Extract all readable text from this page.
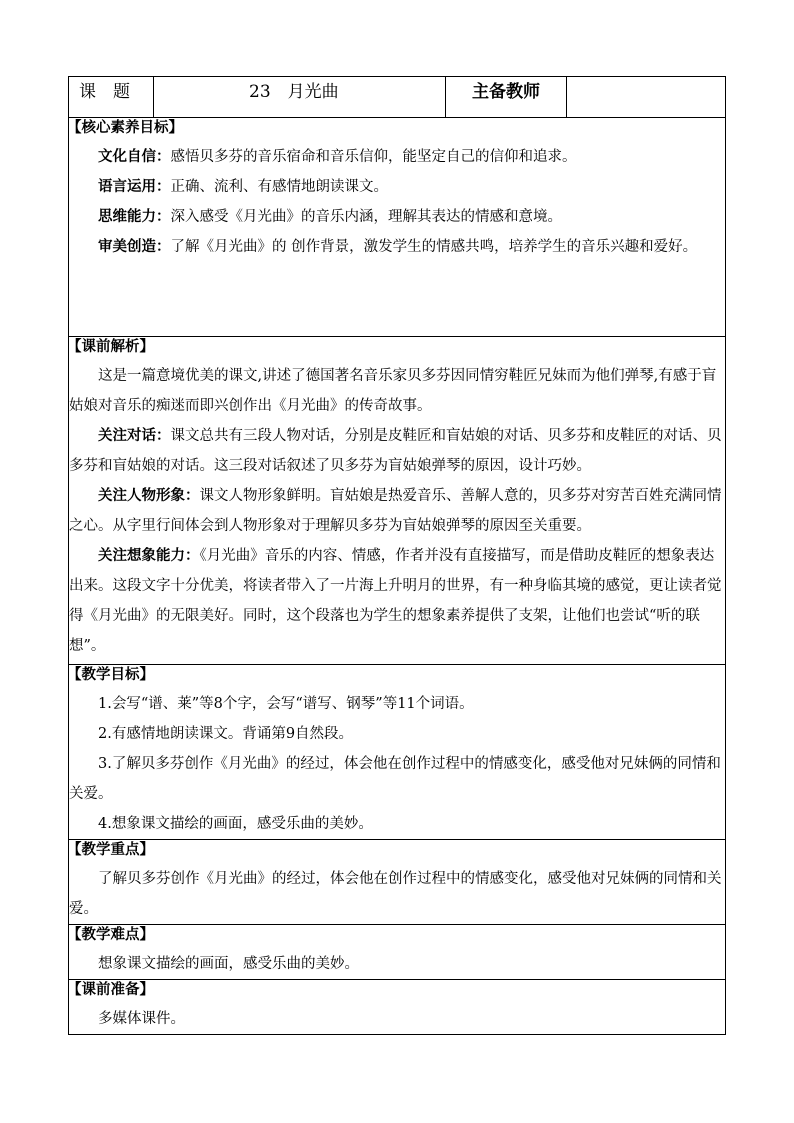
课　题	23　月光曲	主备教师	

【核心素养目标】

文化自信：感悟贝多芬的音乐宿命和音乐信仰，能坚定自己的信仰和追求。

语言运用：正确、流利、有感情地朗读课文。

思维能力：深入感受《月光曲》的音乐内涵，理解其表达的情感和意境。

审美创造：了解《月光曲》的 创作背景，激发学生的情感共鸣，培养学生的音乐兴趣和爱好。

【课前解析】

这是一篇意境优美的课文,讲述了德国著名音乐家贝多芬因同情穷鞋匠兄妹而为他们弹琴,有感于盲姑娘对音乐的痴迷而即兴创作出《月光曲》的传奇故事。

关注对话：课文总共有三段人物对话，分别是皮鞋匠和盲姑娘的对话、贝多芬和皮鞋匠的对话、贝多芬和盲姑娘的对话。这三段对话叙述了贝多芬为盲姑娘弹琴的原因，设计巧妙。

关注人物形象：课文人物形象鲜明。盲姑娘是热爱音乐、善解人意的，贝多芬对穷苦百姓充满同情之心。从字里行间体会到人物形象对于理解贝多芬为盲姑娘弹琴的原因至关重要。

关注想象能力：《月光曲》音乐的内容、情感，作者并没有直接描写，而是借助皮鞋匠的想象表达出来。这段文字十分优美，将读者带入了一片海上升明月的世界，有一种身临其境的感觉，更让读者觉得《月光曲》的无限美好。同时，这个段落也为学生的想象素养提供了支架，让他们也尝试“听的联想”。

【教学目标】

1.会写“谱、莱”等8个字，会写“谱写、钢琴”等11个词语。

2.有感情地朗读课文。背诵第9自然段。

3.了解贝多芬创作《月光曲》的经过，体会他在创作过程中的情感变化，感受他对兄妹俩的同情和关爱。

4.想象课文描绘的画面，感受乐曲的美妙。

【教学重点】

了解贝多芬创作《月光曲》的经过，体会他在创作过程中的情感变化，感受他对兄妹俩的同情和关爱。

【教学难点】

想象课文描绘的画面，感受乐曲的美妙。

【课前准备】

多媒体课件。
